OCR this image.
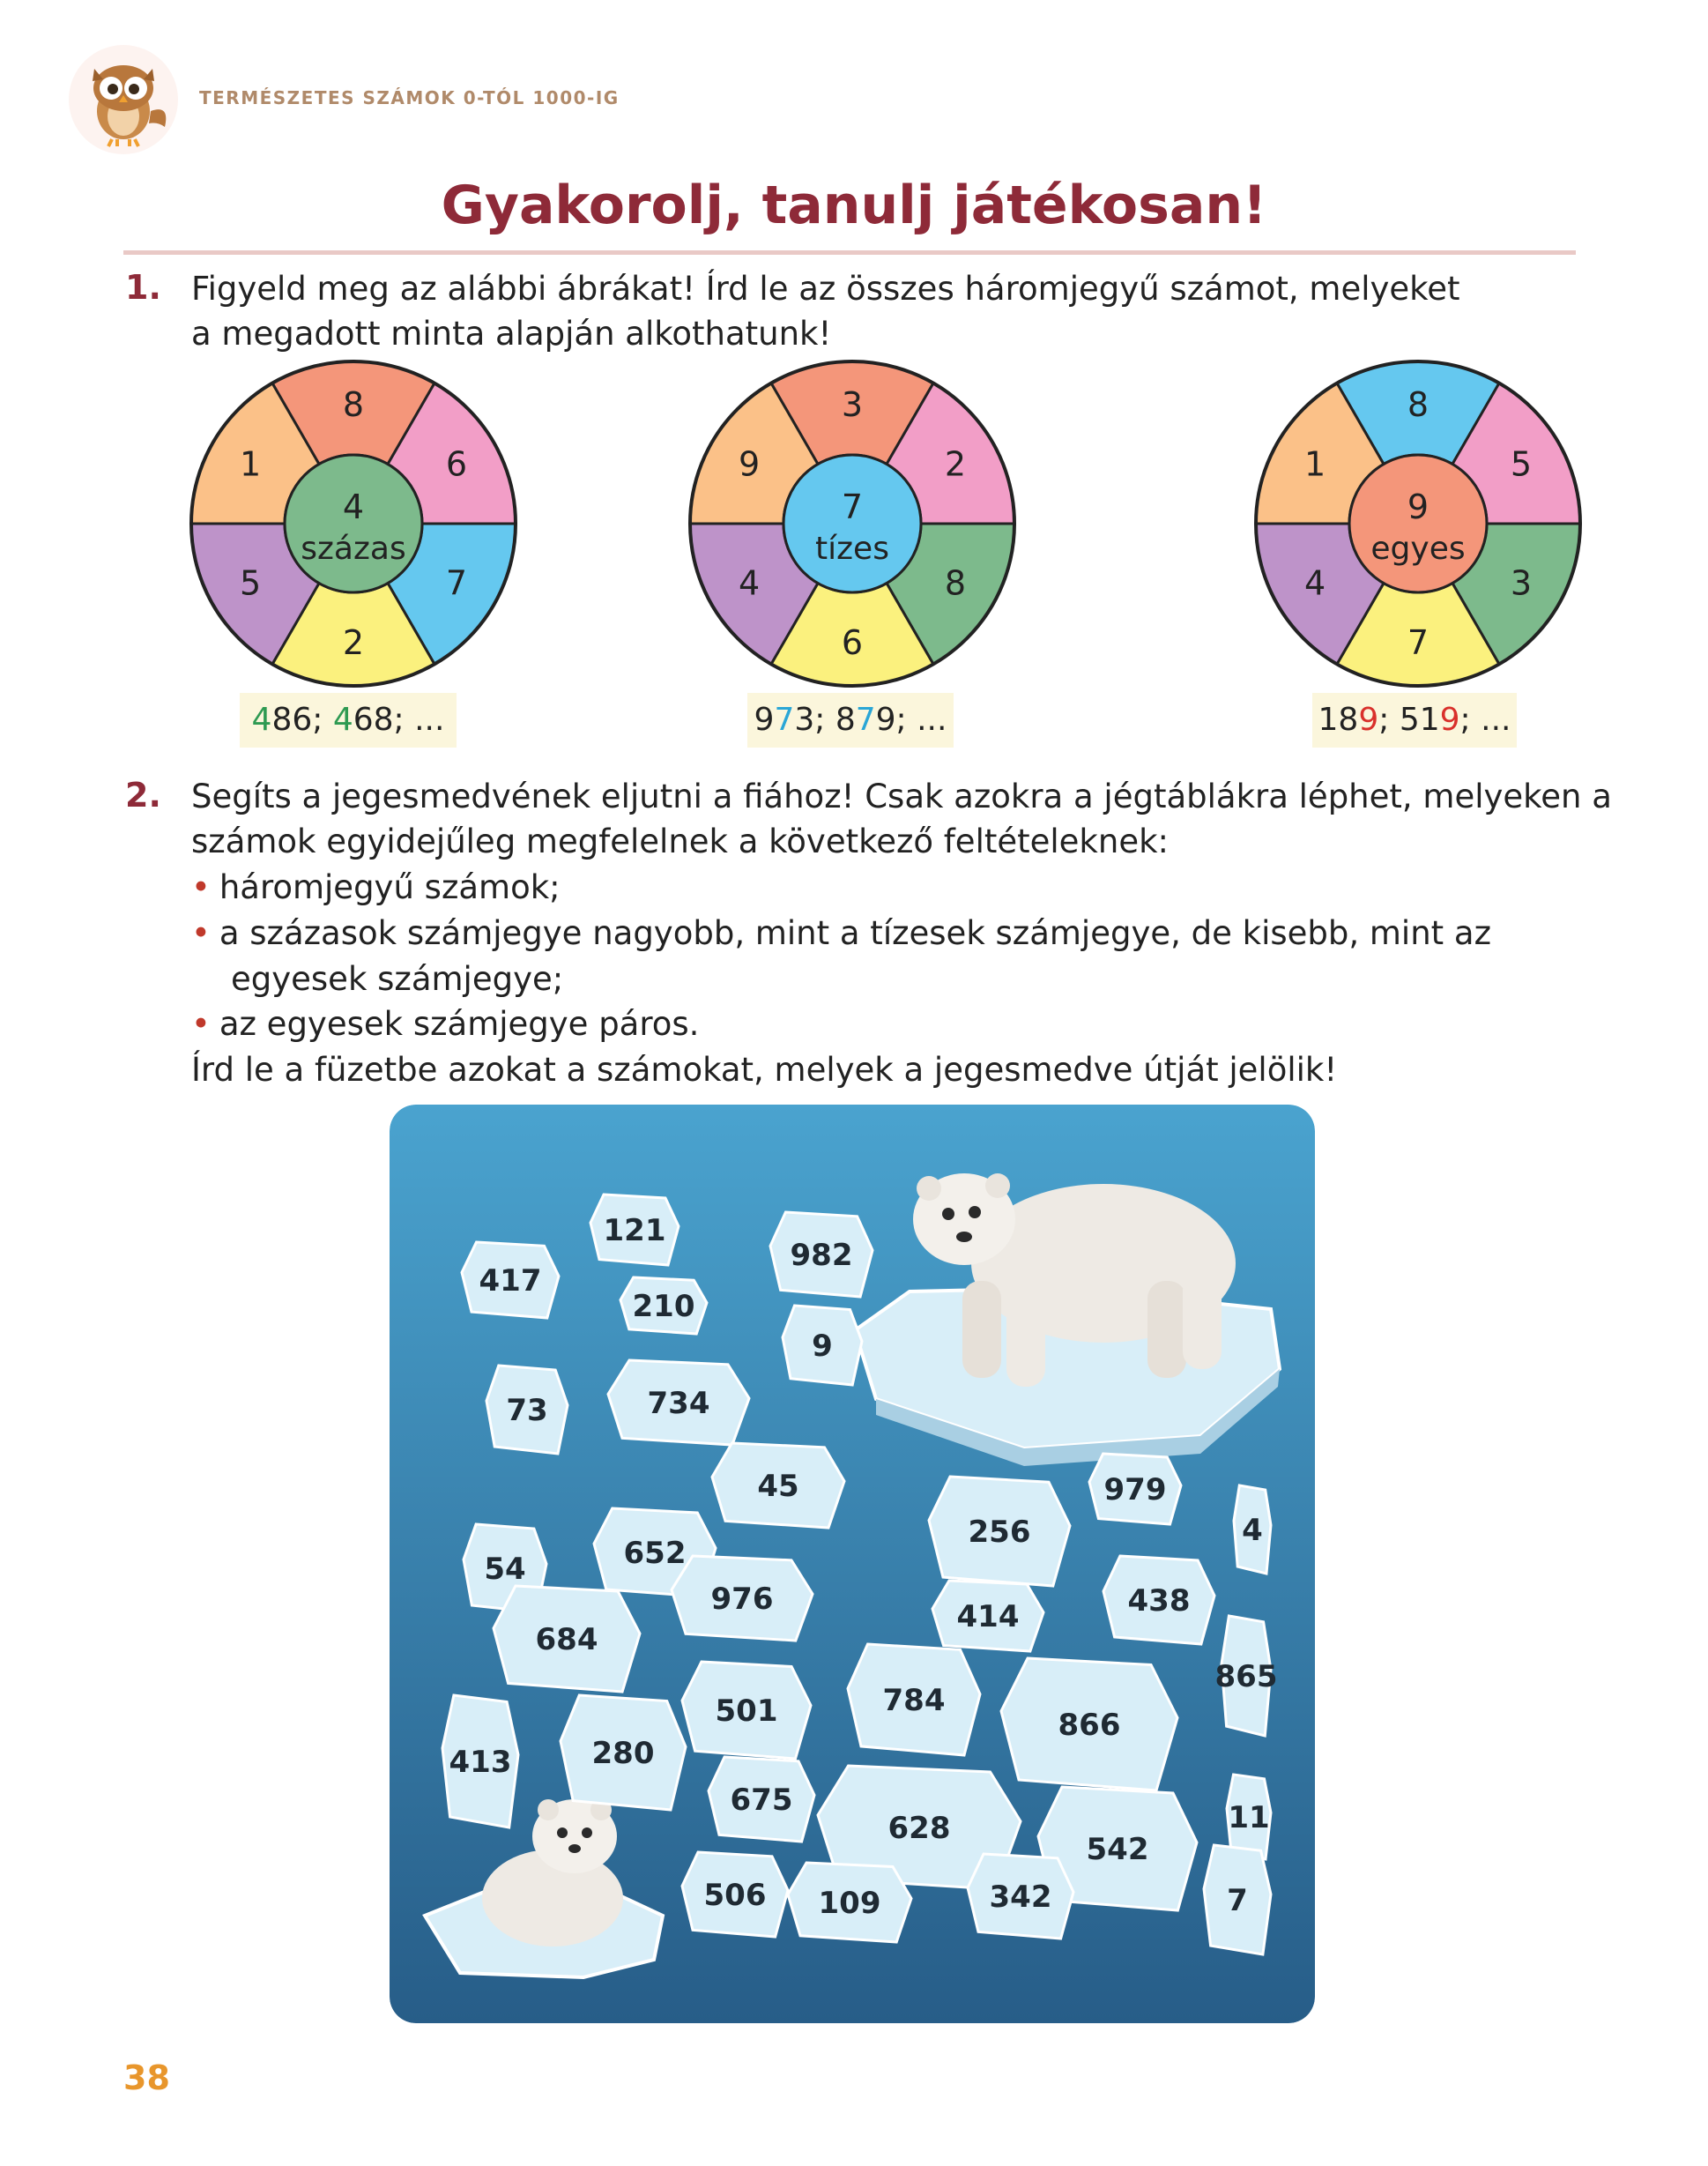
TERMÉSZETES SZÁMOK 0-TÓL 1000-IG
Gyakorolj, tanulj játékosan!
1. Figyeld meg az alábbi ábrákat! Írd le az összes háromjegyű számot, melyeket
a megadott minta alapján alkothatunk!
8
6
7
2
5
1
4
százas
3
2
8
6
4
9
7
tízes
8
5
3
7
4
1
9
egyes
486; 468; ...	973; 879; ...	189; 519; ...
2. Segíts a jegesmedvének eljutni a fiához! Csak azokra a jégtáblákra léphet, melyeken a
számok egyidejűleg megfelelnek a következő feltételeknek:
• háromjegyű számok;
• a százasok számjegye nagyobb, mint a tízesek számjegye, de kisebb, mint az
egyesek számjegye;
• az egyesek számjegye páros.
Írd le a füzetbe azokat a számokat, melyek a jegesmedve útját jelölik!
121
417
982
210
9
73	734
45	979
4
54	652
256
438
976	414
684
865
501	784
866
413	280
675	11
628
542
506 109	342	7
38
